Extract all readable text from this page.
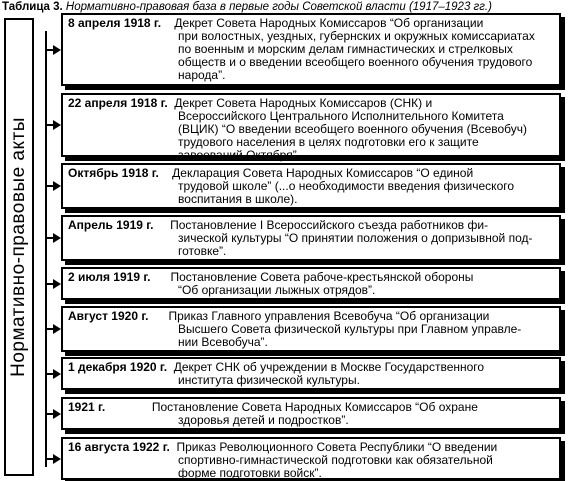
Таблица 3. Нормативно-правовая база в первые годы Советской власти (1917–1923 гг.)
Нормативно-правовые акты
8 апреля 1918 г.    Декрет Совета Народных Комиссаров “Об организации
при волостных, уездных, губернских и окружных комиссариатах
по военным и морским делам гимнастических и стрелковых
обществ и о введении всеобщего военного обучения трудового
народа”.
22 апреля 1918 г.  Декрет Совета Народных Комиссаров (СНК) и
Всероссийского Центрального Исполнительного Комитета
(ВЦИК) “О введении всеобщего военного обучения (Всевобуч)
трудового населения в целях подготовки его к защите
завоеваний Октября”.
Октябрь 1918 г.    Декларация Совета Народных Комиссаров “О единой
трудовой школе” (...о необходимости введения физического
воспитания в школе).
Апрель 1919 г.     Постановление I Всероссийского съезда работников фи-
зической культуры “О принятии положения о допризывной под-
готовке”.
2 июля 1919 г.      Постановление Совета рабоче-крестьянской обороны
“Об организации лыжных отрядов”.
Август 1920 г.      Приказ Главного управления Всевобуча “Об организации
Высшего Совета физической культуры при Главном управле-
нии Всевобуча”.
1 декабря 1920 г.  Декрет СНК об учреждении в Москве Государственного
института физической культуры.
1921 г.	Постановление Совета Народных Комиссаров “Об охране
здоровья детей и подростков”.
16 августа 1922 г.  Приказ Революционного Совета Республики “О введении
спортивно-гимнастической подготовки как обязательной
форме подготовки войск”.
